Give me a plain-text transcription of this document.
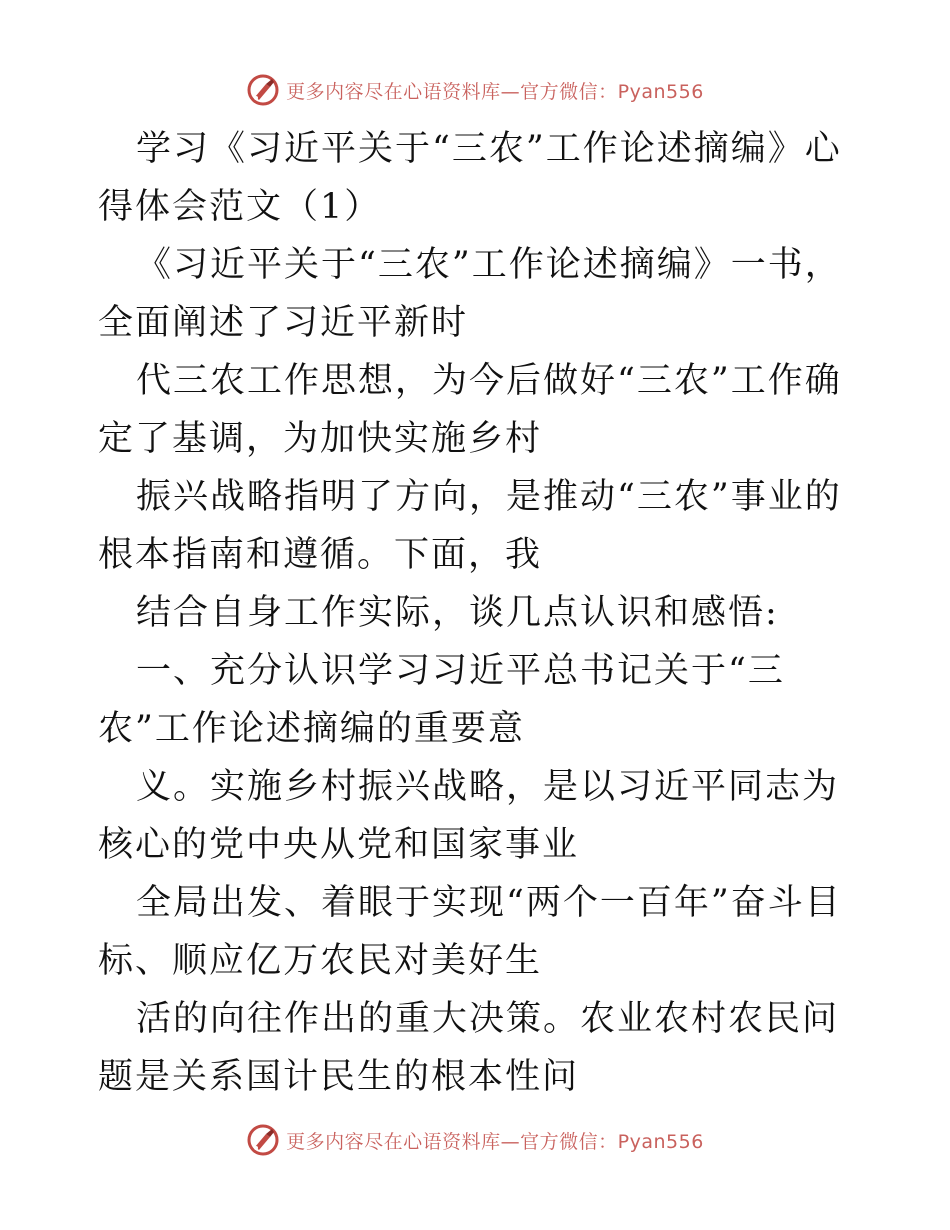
更多内容尽在心语资料库—官方微信：Pyan556

学习《习近平关于“三农”工作论述摘编》心得体会范文（1）

《习近平关于“三农”工作论述摘编》一书，全面阐述了习近平新时

代三农工作思想，为今后做好“三农”工作确定了基调，为加快实施乡村

振兴战略指明了方向，是推动“三农”事业的根本指南和遵循。下面，我

结合自身工作实际，谈几点认识和感悟:

一、充分认识学习习近平总书记关于“三农”工作论述摘编的重要意

义。实施乡村振兴战略，是以习近平同志为核心的党中央从党和国家事业

全局出发、着眼于实现“两个一百年”奋斗目标、顺应亿万农民对美好生

活的向往作出的重大决策。农业农村农民问题是关系国计民生的根本性问

更多内容尽在心语资料库—官方微信：Pyan556
